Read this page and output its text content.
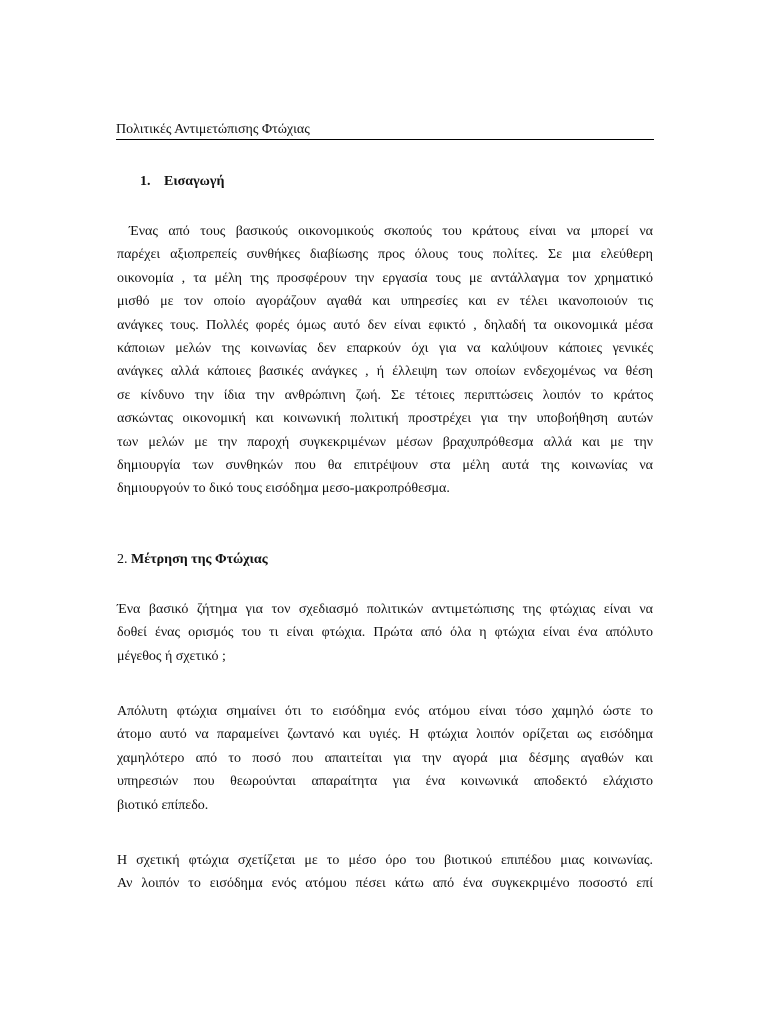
Πολιτικές Αντιμετώπισης Φτώχιας
1. Εισαγωγή
Ένας από τους βασικούς οικονομικούς σκοπούς του κράτους είναι να μπορεί να
παρέχει αξιοπρεπείς συνθήκες διαβίωσης προς όλους τους πολίτες. Σε μια ελεύθερη
οικονομία , τα μέλη της προσφέρουν την εργασία τους με αντάλλαγμα τον χρηματικό
μισθό με τον οποίο αγοράζουν αγαθά και υπηρεσίες και εν τέλει ικανοποιούν τις
ανάγκες τους. Πολλές φορές όμως αυτό δεν είναι εφικτό , δηλαδή τα οικονομικά μέσα
κάποιων μελών της κοινωνίας δεν επαρκούν όχι για να καλύψουν κάποιες γενικές
ανάγκες αλλά κάποιες βασικές ανάγκες , ή έλλειψη των οποίων ενδεχομένως να θέση
σε κίνδυνο την ίδια την ανθρώπινη ζωή. Σε τέτοιες περιπτώσεις λοιπόν το κράτος
ασκώντας οικονομική και κοινωνική πολιτική προστρέχει για την υποβοήθηση αυτών
των μελών με την παροχή συγκεκριμένων μέσων βραχυπρόθεσμα αλλά και με την
δημιουργία των συνθηκών που θα επιτρέψουν στα μέλη αυτά της κοινωνίας να
δημιουργούν το δικό τους εισόδημα μεσο-μακροπρόθεσμα.
2. Μέτρηση της Φτώχιας
Ένα βασικό ζήτημα για τον σχεδιασμό πολιτικών αντιμετώπισης της φτώχιας είναι να
δοθεί ένας ορισμός του τι είναι φτώχια. Πρώτα από όλα η φτώχια είναι ένα απόλυτο
μέγεθος ή σχετικό ;
Απόλυτη φτώχια σημαίνει ότι το εισόδημα ενός ατόμου είναι τόσο χαμηλό ώστε το
άτομο αυτό να παραμείνει ζωντανό και υγιές. Η φτώχια λοιπόν ορίζεται ως εισόδημα
χαμηλότερο από το ποσό που απαιτείται για την αγορά μια δέσμης αγαθών και
υπηρεσιών που θεωρούνται απαραίτητα για ένα κοινωνικά αποδεκτό ελάχιστο
βιοτικό επίπεδο.
Η σχετική φτώχια σχετίζεται με το μέσο όρο του βιοτικού επιπέδου μιας κοινωνίας.
Αν λοιπόν το εισόδημα ενός ατόμου πέσει κάτω από ένα συγκεκριμένο ποσοστό επί
